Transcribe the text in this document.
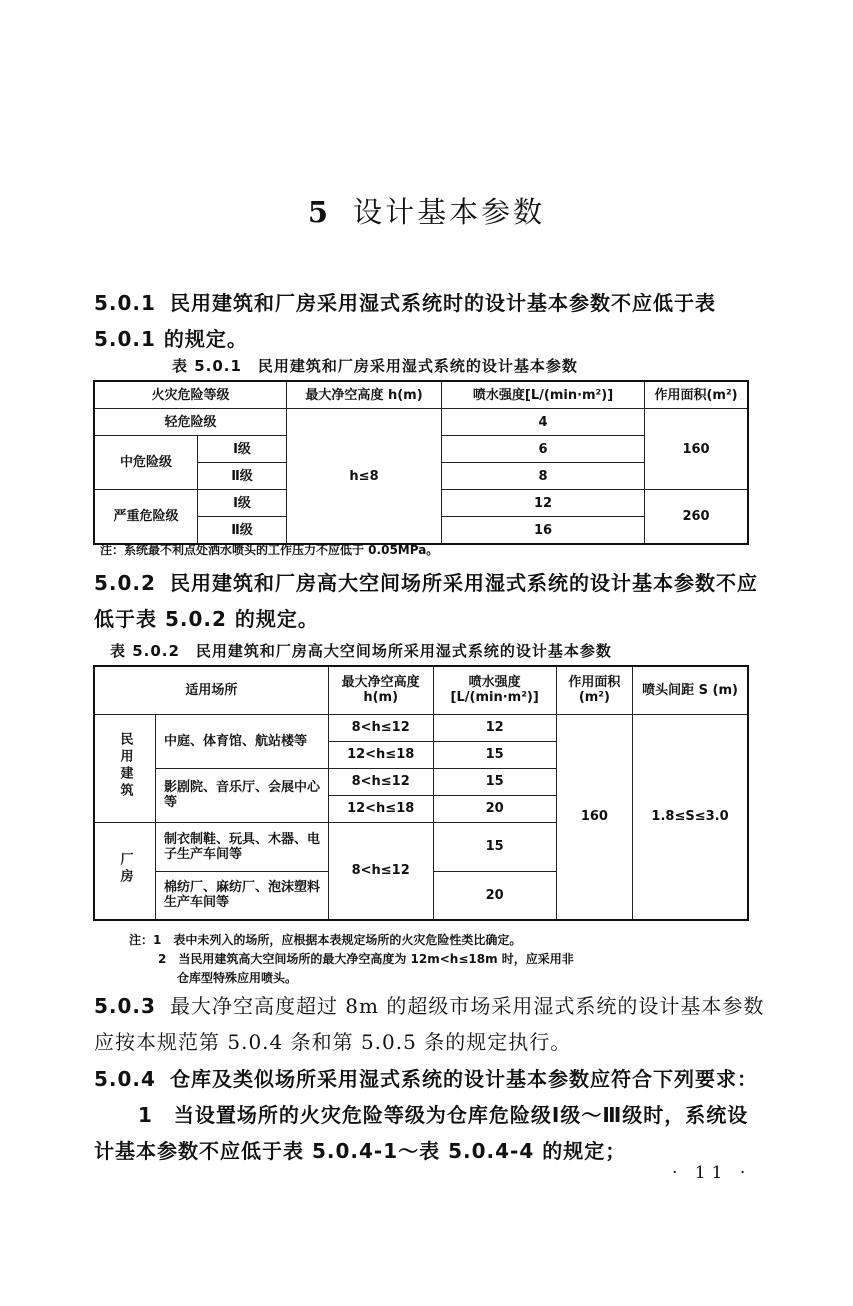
5 设计基本参数
5.0.1 民用建筑和厂房采用湿式系统时的设计基本参数不应低于表 5.0.1 的规定。
表 5.0.1　民用建筑和厂房采用湿式系统的设计基本参数
火灾危险等级		最大净空高度 h(m)	喷水强度[L/(min·m²)]	作用面积(m²)
轻危险级		h≤8	4	160
中危险级	Ⅰ级		6	
	Ⅱ级		8	
严重危险级	Ⅰ级		12	260
	Ⅱ级		16	
注：系统最不利点处洒水喷头的工作压力不应低于 0.05MPa。
5.0.2 民用建筑和厂房高大空间场所采用湿式系统的设计基本参数不应低于表 5.0.2 的规定。
表 5.0.2　民用建筑和厂房高大空间场所采用湿式系统的设计基本参数
适用场所		最大净空高度 h(m)	喷水强度 [L/(min·m²)]	作用面积 (m²)	喷头间距 S (m)
民用建筑	中庭、体育馆、航站楼等	8<h≤12	12	160	1.8≤S≤3.0
		12<h≤18	15		
	影剧院、音乐厅、会展中心等	8<h≤12	15		
		12<h≤18	20		
厂房	制衣制鞋、玩具、木器、电子生产车间等	8<h≤12	15		
	棉纺厂、麻纺厂、泡沫塑料生产车间等		20		
注：1　表中未列入的场所，应根据本表规定场所的火灾危险性类比确定。
2　当民用建筑高大空间场所的最大净空高度为 12m<h≤18m 时，应采用非
仓库型特殊应用喷头。
5.0.3 最大净空高度超过 8m 的超级市场采用湿式系统的设计基本参数应按本规范第 5.0.4 条和第 5.0.5 条的规定执行。
5.0.4 仓库及类似场所采用湿式系统的设计基本参数应符合下列要求：
1　当设置场所的火灾危险等级为仓库危险级Ⅰ级～Ⅲ级时，系统设计基本参数不应低于表 5.0.4-1～表 5.0.4-4 的规定；
· 11 ·
